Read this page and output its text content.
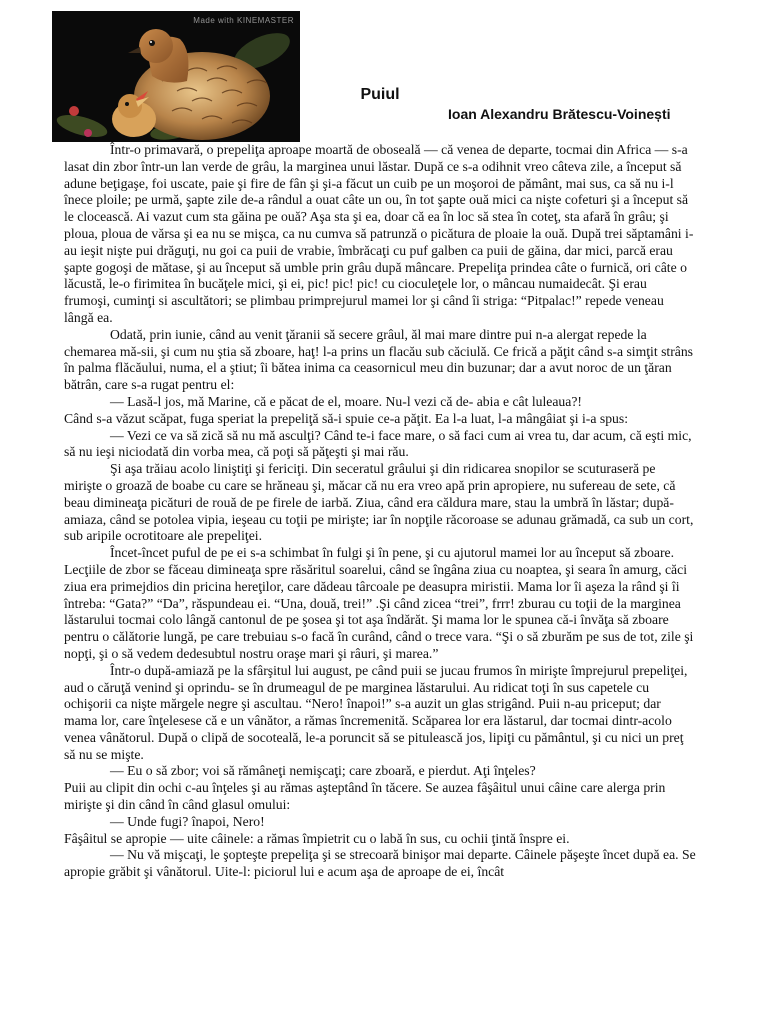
Made with KINEMASTER
Puiul
Ioan Alexandru Brătescu-Voinești

Într-o primavară, o prepeliţa aproape moartă de oboseală — că venea de departe, tocmai din Africa — s-a lasat din zbor într-un lan verde de grâu, la marginea unui lăstar. După ce s-a odihnit vreo câteva zile, a început să adune beţigaşe, foi uscate, paie şi fire de fân şi şi-a făcut un cuib pe un moşoroi de pământ, mai sus, ca să nu i-l înece ploile; pe urmă, şapte zile de-a rândul a ouat câte un ou, în tot şapte ouă mici ca nişte cofeturi şi a început să le clocească. Ai vazut cum sta găina pe ouă? Aşa sta şi ea, doar că ea în loc să stea în coteţ, sta afară în grâu; şi ploua, ploua de vărsa şi ea nu se mişca, ca nu cumva să patrunză o picătura de ploaie la ouă. După trei săptamâni i-au ieşit nişte pui drăguţi, nu goi ca puii de vrabie, îmbrăcaţi cu puf galben ca puii de găina, dar mici, parcă erau şapte gogoşi de mătase, şi au început să umble prin grâu după mâncare. Prepeliţa prindea câte o furnică, ori câte o lăcustă, le-o firimitea în bucăţele mici, şi ei, pic! pic! pic! cu cioculeţele lor, o mâncau numaidecât. Şi erau frumoşi, cuminţi si ascultători; se plimbau primprejurul mamei lor şi când îi striga: “Pitpalac!” repede veneau lângă ea.

Odată, prin iunie, când au venit ţăranii să secere grâul, ăl mai mare dintre pui n-a alergat repede la chemarea mă-sii, şi cum nu ştia să zboare, haţ! l-a prins un flacău sub căciulă. Ce frică a păţit când s-a simţit strâns în palma flăcăului, numa, el a ştiut; îi bătea inima ca ceasornicul meu din buzunar; dar a avut noroc de un ţăran bătrân, care s-a rugat pentru el:

— Lasă-l jos, mă Marine, că e păcat de el, moare. Nu-l vezi că de- abia e cât luleaua?!

Când s-a văzut scăpat, fuga speriat la prepeliţă să-i spuie ce-a păţit. Ea l-a luat, l-a mângâiat şi i-a spus:

— Vezi ce va să zică să nu mă asculţi? Când te-i face mare, o să faci cum ai vrea tu, dar acum, că eşti mic, să nu ieşi niciodată din vorba mea, că poţi să păţeşti şi mai rău.

Şi aşa trăiau acolo liniştiţi şi fericiţi. Din seceratul grâului şi din ridicarea snopilor se scuturaseră pe mirişte o groază de boabe cu care se hrăneau şi, măcar că nu era vreo apă prin apropiere, nu sufereau de sete, că beau dimineaţa picături de rouă de pe firele de iarbă. Ziua, când era căldura mare, stau la umbră în lăstar; după-amiaza, când se potolea vipia, ieşeau cu toţii pe mirişte; iar în nopţile răcoroase se adunau grămadă, ca sub un cort, sub aripile ocrotitoare ale prepeliţei.

Încet-încet puful de pe ei s-a schimbat în fulgi şi în pene, şi cu ajutorul mamei lor au început să zboare. Lecţiile de zbor se făceau dimineaţa spre răsăritul soarelui, când se îngâna ziua cu noaptea, şi seara în amurg, căci ziua era primejdios din pricina hereţilor, care dădeau târcoale pe deasupra miristii. Mama lor îi aşeza la rând şi îi întreba: “Gata?” “Da”, răspundeau ei. “Una, două, trei!” .Şi când zicea “trei”, frrr! zburau cu toţii de la marginea lăstarului tocmai colo lângă cantonul de pe şosea şi tot aşa îndărăt. Şi mama lor le spunea că-i învăţa să zboare pentru o călătorie lungă, pe care trebuiau s-o facă în curând, când o trece vara. “Şi o să zburăm pe sus de tot, zile şi nopţi, şi o să vedem dedesubtul nostru oraşe mari şi râuri, şi marea.”

Într-o după-amiază pe la sfârşitul lui august, pe când puii se jucau frumos în mirişte împrejurul prepeliţei, aud o căruţă venind şi oprindu- se în drumeagul de pe marginea lăstarului. Au ridicat toţi în sus capetele cu ochişorii ca nişte mărgele negre şi ascultau. “Nero! înapoi!” s-a auzit un glas strigând. Puii n-au priceput; dar mama lor, care înţelesese că e un vânător, a rămas încremenită. Scăparea lor era lăstarul, dar tocmai dintr-acolo venea vânătorul. După o clipă de socoteală, le-a poruncit să se pitulească jos, lipiţi cu pământul, şi cu nici un preţ să nu se mişte.

— Eu o să zbor; voi să rămâneţi nemişcaţi; care zboară, e pierdut. Aţi înţeles?

Puii au clipit din ochi c-au înţeles şi au rămas aşteptând în tăcere. Se auzea fâşâitul unui câine care alerga prin mirişte şi din când în când glasul omului:

— Unde fugi? înapoi, Nero!

Fâşâitul se apropie — uite câinele: a rămas împietrit cu o labă în sus, cu ochii ţintă înspre ei.

— Nu vă mişcaţi, le şopteşte prepeliţa şi se strecoară binişor mai departe. Câinele păşeşte încet după ea. Se apropie grăbit şi vânătorul. Uite-l: piciorul lui e acum aşa de aproape de ei, încât
